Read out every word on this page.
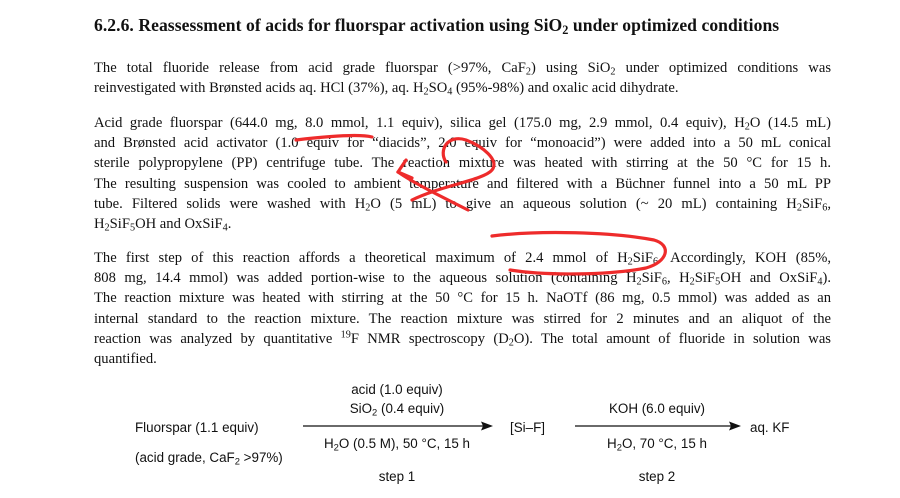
6.2.6. Reassessment of acids for fluorspar activation using SiO$_2$ under optimized conditions
The total fluoride release from acid grade fluorspar (>97%, CaF$_2$) using SiO$_2$ under optimized conditions was
reinvestigated with Brønsted acids aq. HCl (37%), aq. $H_2SO_4$ (95%-98%) and oxalic acid dihydrate.
Acid grade fluorspar (644.0 mg, 8.0 mmol, 1.1 equiv), silica gel (175.0 mg, 2.9 mmol, 0.4 equiv), $H_2O$ (14.5 mL)
and Brønsted acid activator (1.0 equiv for “diacids”, 2.0 equiv for “monoacid”) were added into a 50 mL conical
sterile polypropylene (PP) centrifuge tube. The reaction mixture was heated with stirring at the 50 °C for 15 h.
The resulting suspension was cooled to ambient temperature and filtered with a Büchner funnel into a 50 mL PP
tube. Filtered solids were washed with $H_2O$ (5 mL) to give an aqueous solution (~ 20 mL) containing $H_2SiF_6$,
$H_2SiF_5OH$ and OxSiF$_4$.
The first step of this reaction affords a theoretical maximum of 2.4 mmol of $H_2SiF_6$. Accordingly, KOH (85%,
808 mg, 14.4 mmol) was added portion-wise to the aqueous solution (containing $H_2SiF_6$, $H_2SiF_5OH$ and OxSiF$_4$).
The reaction mixture was heated with stirring at the 50 °C for 15 h. NaOTf (86 mg, 0.5 mmol) was added as an
internal standard to the reaction mixture. The reaction mixture was stirred for 2 minutes and an aliquot of the
reaction was analyzed by quantitative $^{19}$F NMR spectroscopy $(D_2O)$. The total amount of fluoride in solution was
quantified.
Fluorspar (1.1 equiv)
(acid grade, CaF$_2$ >97%)
acid (1.0 equiv)
SiO$_2$ (0.4 equiv)
$H_2O$ (0.5 M), 50 °C, 15 h
step 1
[Si–F]
KOH (6.0 equiv)
$H_2O$, 70 °C, 15 h
step 2
aq. KF
